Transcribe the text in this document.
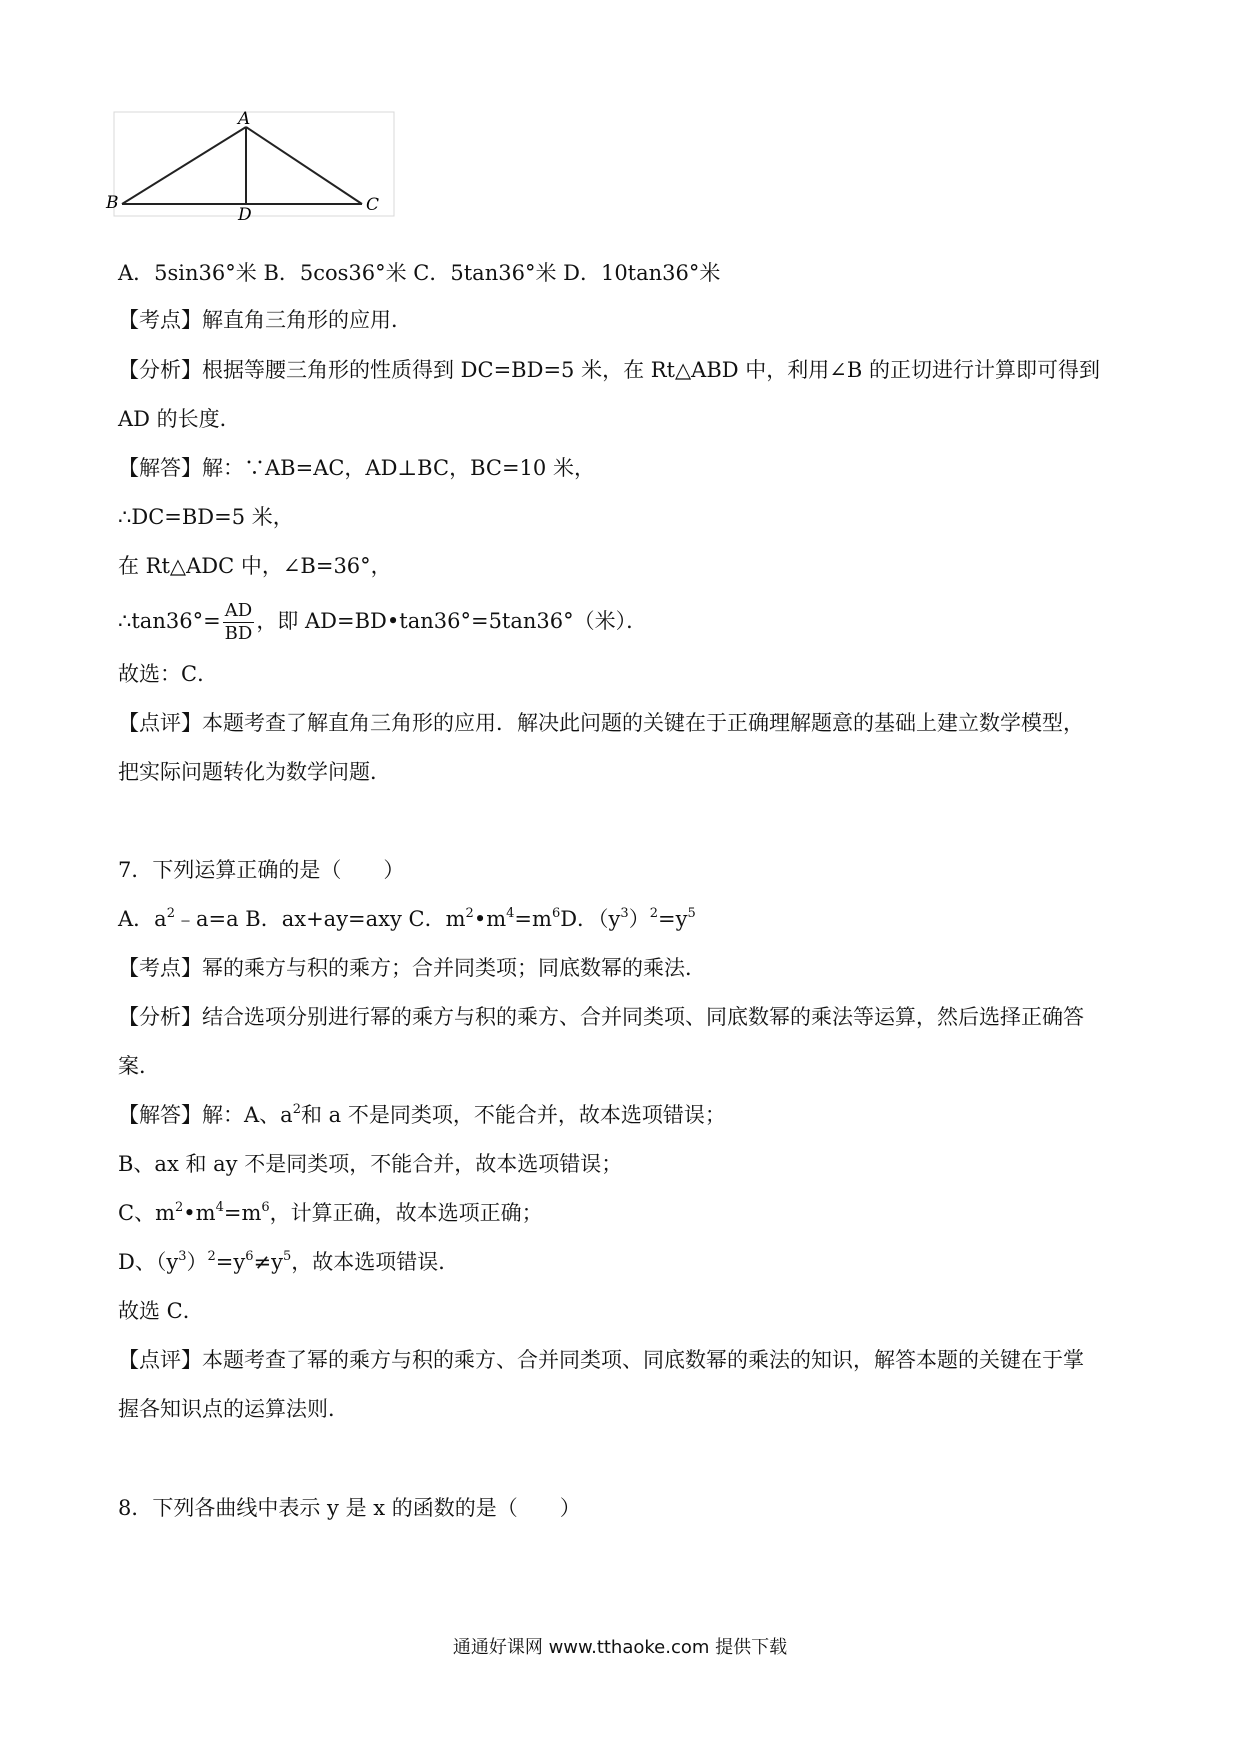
A
B	C
D
A．5sin36°米 B．5cos36°米 C．5tan36°米 D．10tan36°米
【考点】解直角三角形的应用．
【分析】根据等腰三角形的性质得到 DC=BD=5 米，在 Rt△ABD 中，利用∠B 的正切进行计算即可得到
AD 的长度．
【解答】解：∵AB=AC，AD⊥BC，BC=10 米，
∴DC=BD=5 米，
在 Rt△ADC 中，∠B=36°，
∴tan36°= $\frac{AD}{BD}$ ，即 AD=BD•tan36°=5tan36°（米）．
故选：C．
【点评】本题考查了解直角三角形的应用．解决此问题的关键在于正确理解题意的基础上建立数学模型，
把实际问题转化为数学问题．
7．下列运算正确的是（　　）
A．$a^2﹣a=a$ B．ax+ay=axy C．$m^2•m^4=m^6D$．$(y^3)^2=y^5$
【考点】幂的乘方与积的乘方；合并同类项；同底数幂的乘法．
【分析】结合选项分别进行幂的乘方与积的乘方、合并同类项、同底数幂的乘法等运算，然后选择正确答
案．
【解答】解：A、$a^2$和 a 不是同类项，不能合并，故本选项错误；
B、ax 和 ay 不是同类项，不能合并，故本选项错误；
C、$m^2•m^4=m^6$，计算正确，故本选项正确；
D、$(y^3)^2=y^6\ne y^5$，故本选项错误．
故选 C．
【点评】本题考查了幂的乘方与积的乘方、合并同类项、同底数幂的乘法的知识，解答本题的关键在于掌
握各知识点的运算法则．
8．下列各曲线中表示 y 是 x 的函数的是（　　）
通通好课网 www.tthaoke.com 提供下载
